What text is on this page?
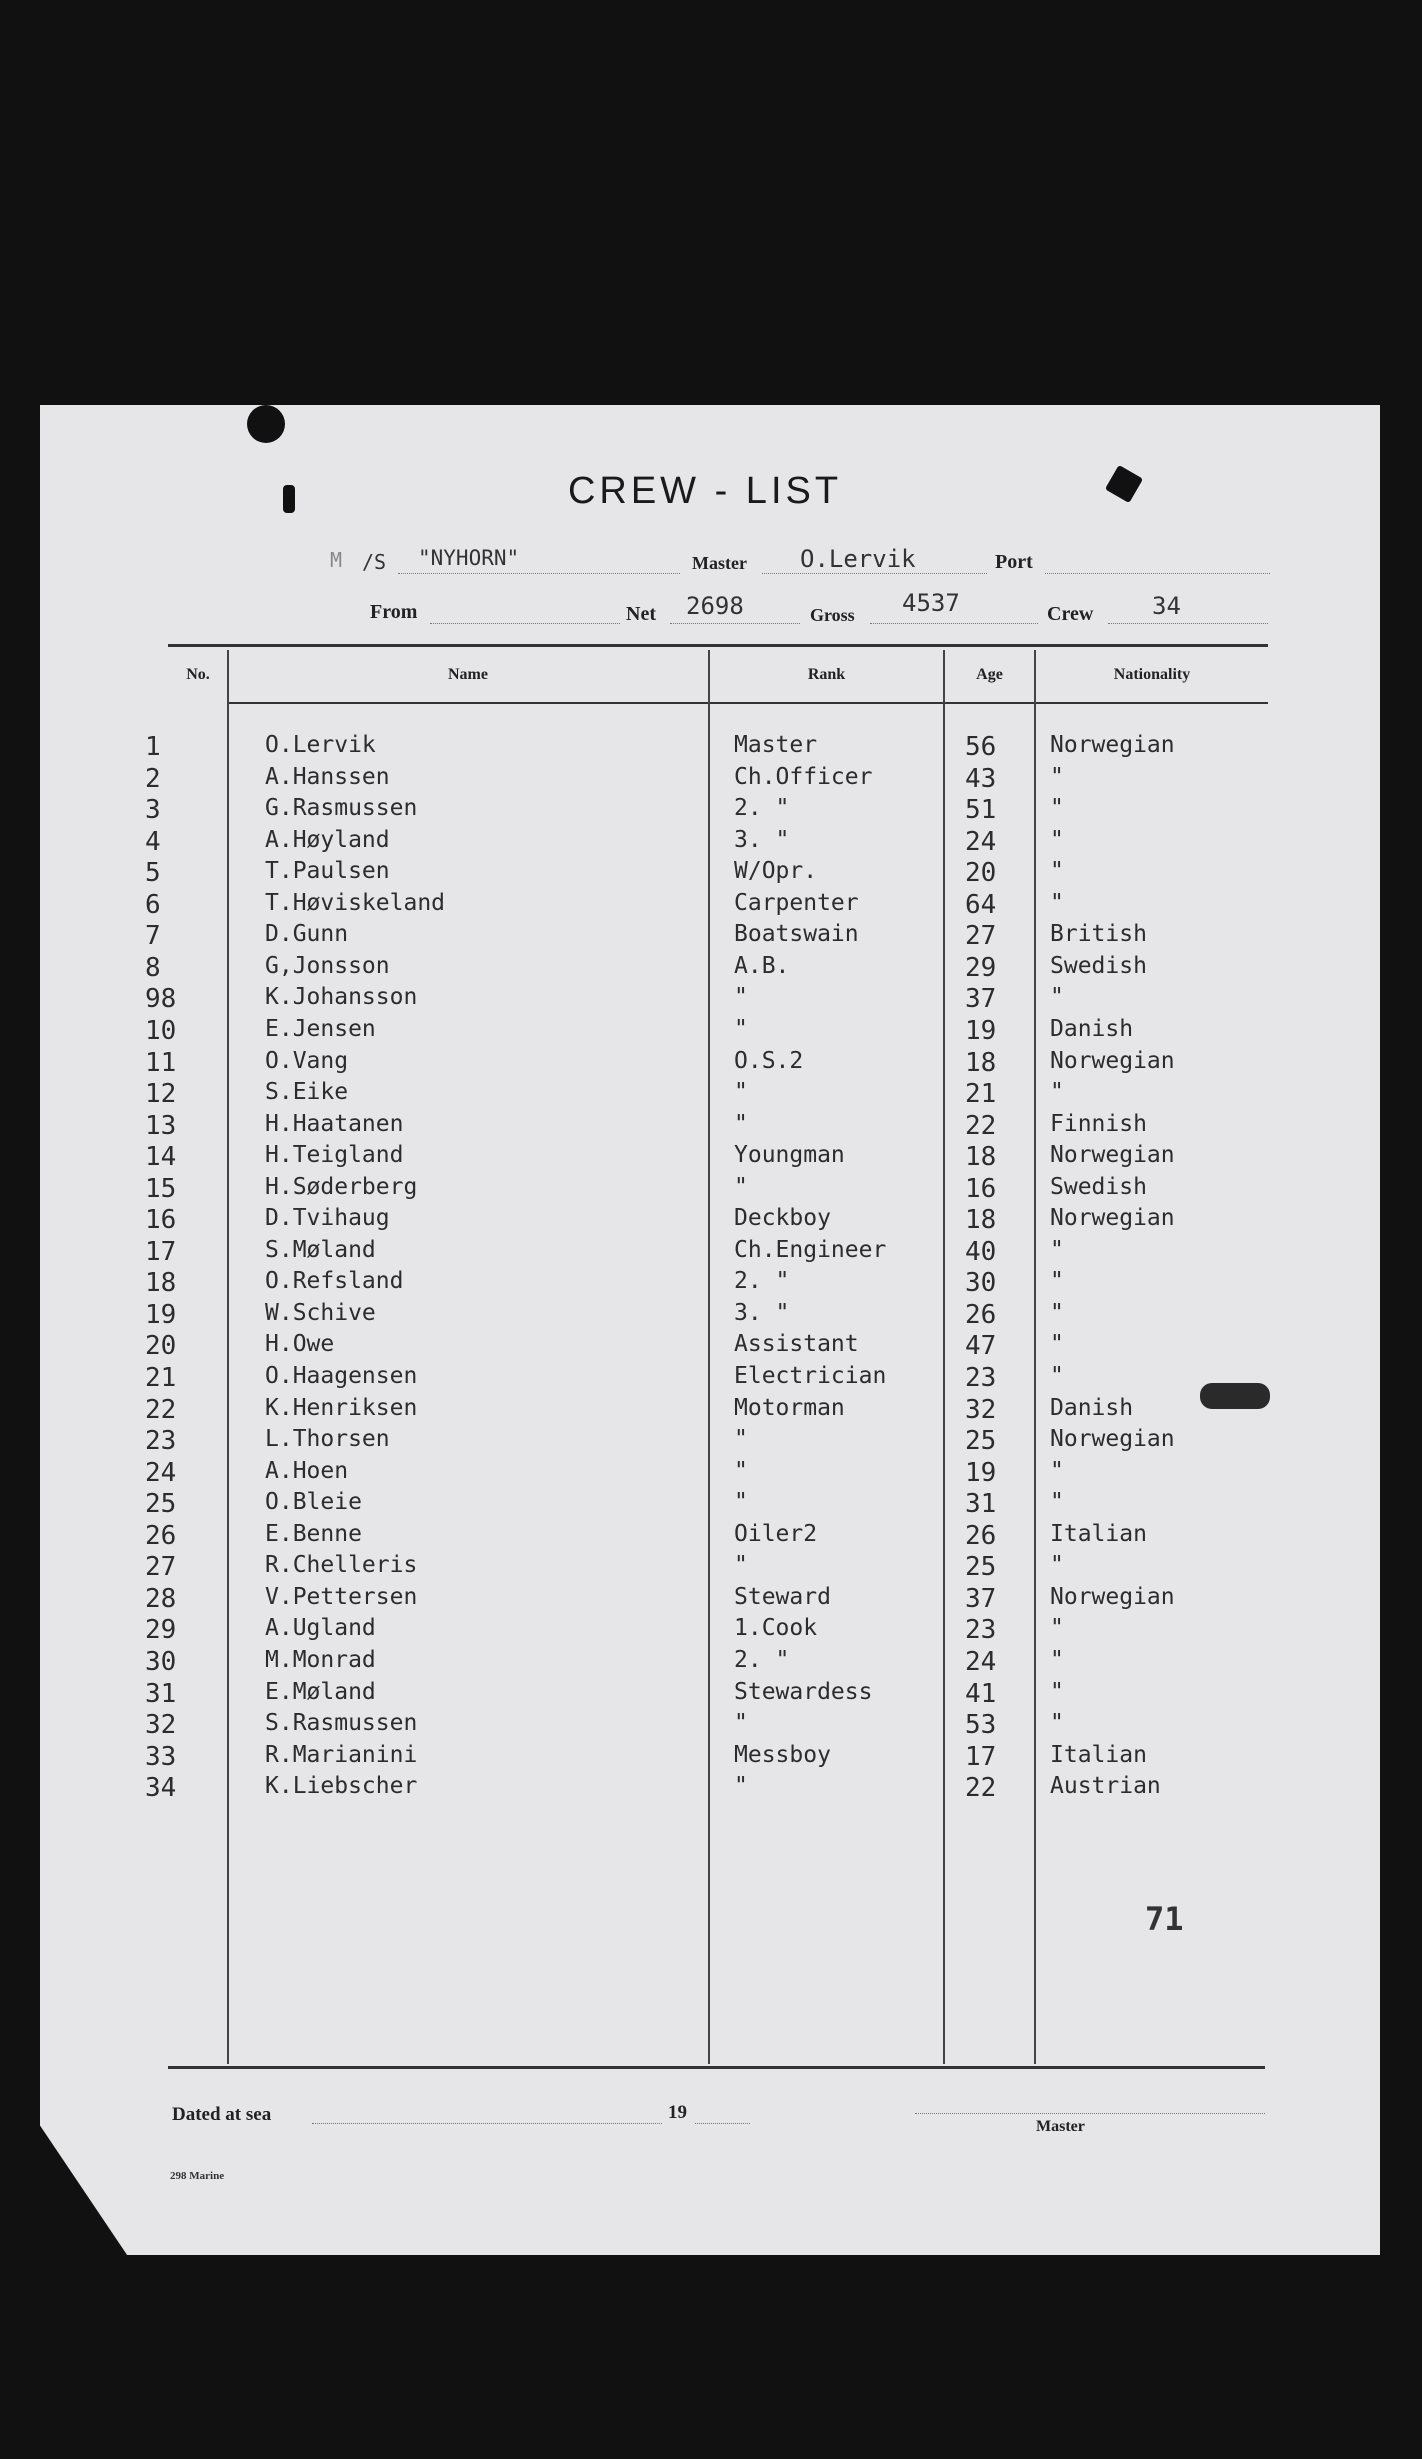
CREW - LIST
M /S "NYHORN"	Master O.Lervik	Port
From	Net 2698	Gross 4537	Crew 34
No.	Name	Rank	Age	Nationality
1	O.Lervik	Master	56 Norwegian
2	A.Hanssen	Ch.Officer	43 "
3	G.Rasmussen	2. "	51 "
4	A.Høyland	3. "	24 "
5	T.Paulsen	W/Opr.	20 "
6	T.Høviskeland	Carpenter	64 "
7	D.Gunn	Boatswain	27 British
8	G,Jonsson	A.B.	29 Swedish
98	K.Johansson	"	37 "
10	E.Jensen	"	19 Danish
11	O.Vang	O.S.2	18 Norwegian
12	S.Eike	"	21 "
13	H.Haatanen	"	22 Finnish
14	H.Teigland	Youngman	18 Norwegian
15	H.Søderberg	"	16 Swedish
16	D.Tvihaug	Deckboy	18 Norwegian
17	S.Møland	Ch.Engineer	40 "
18	O.Refsland	2. "	30 "
19	W.Schive	3. "	26 "
20	H.Owe	Assistant	47 "
21	O.Haagensen	Electrician	23 "
22	K.Henriksen	Motorman	32 Danish
23	L.Thorsen	"	25 Norwegian
24	A.Hoen	"	19 "
25	O.Bleie	"	31 "
26	E.Benne	Oiler2	26 Italian
27	R.Chelleris	"	25 "
28	V.Pettersen	Steward	37 Norwegian
29	A.Ugland	1.Cook	23 "
30	M.Monrad	2. "	24 "
31	E.Møland	Stewardess	41 "
32	S.Rasmussen	"	53 "
33	R.Marianini	Messboy	17 Italian
34	K.Liebscher	"	22 Austrian
71
Dated at sea	19
Master
298 Marine
